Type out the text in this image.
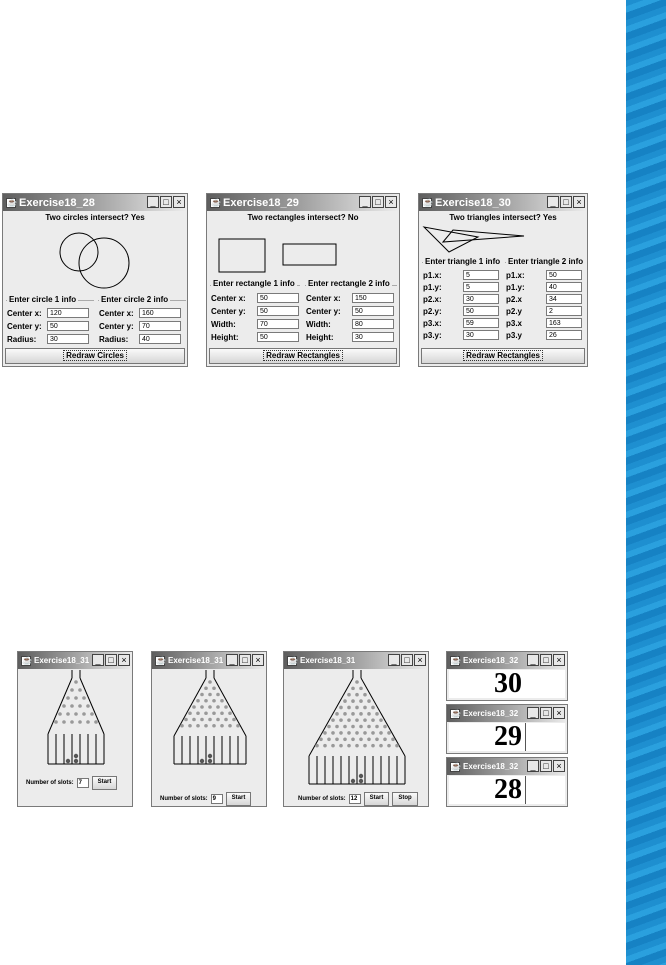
☕ Exercise18_28	_ □ ×
Two circles intersect? Yes
Enter circle 1 info	Enter circle 2 info
Center x:	120
Center y:	50
Radius:	30
Center x:	160
Center y:	70
Radius:	40
Redraw Circles
☕ Exercise18_29	_ □ ×
Two rectangles intersect? No
Enter rectangle 1 info Enter rectangle 2 info
Center x:	50
Center y:	50
Width:	70
Height:	50
Center x:	150
Center y:	50
Width:	80
Height:	30
Redraw Rectangles
☕ Exercise18_30	_ □ ×
Two triangles intersect? Yes
Enter triangle 1 info Enter triangle 2 info
p1.x:	5
p1.y:	5
p2.x:	30
p2.y:	50
p3.x:	59
p3.y:	30
p1.x:	50
p1.y:	40
p2.x	34
p2.y	2
p3.x	163
p3.y	26
Redraw Rectangles
☕ Exercise18_31 _ □ ×
Number of slots: 7	Start
☕ Exercise18_31 _ □ ×
Number of slots: 9	Start
☕ Exercise18_31	_ □ ×
Number of slots: 12	Start	Stop
☕ Exercise18_32	_ □ ×
30
☕ Exercise18_32	_ □ ×
29
☕ Exercise18_32	_ □ ×
28
